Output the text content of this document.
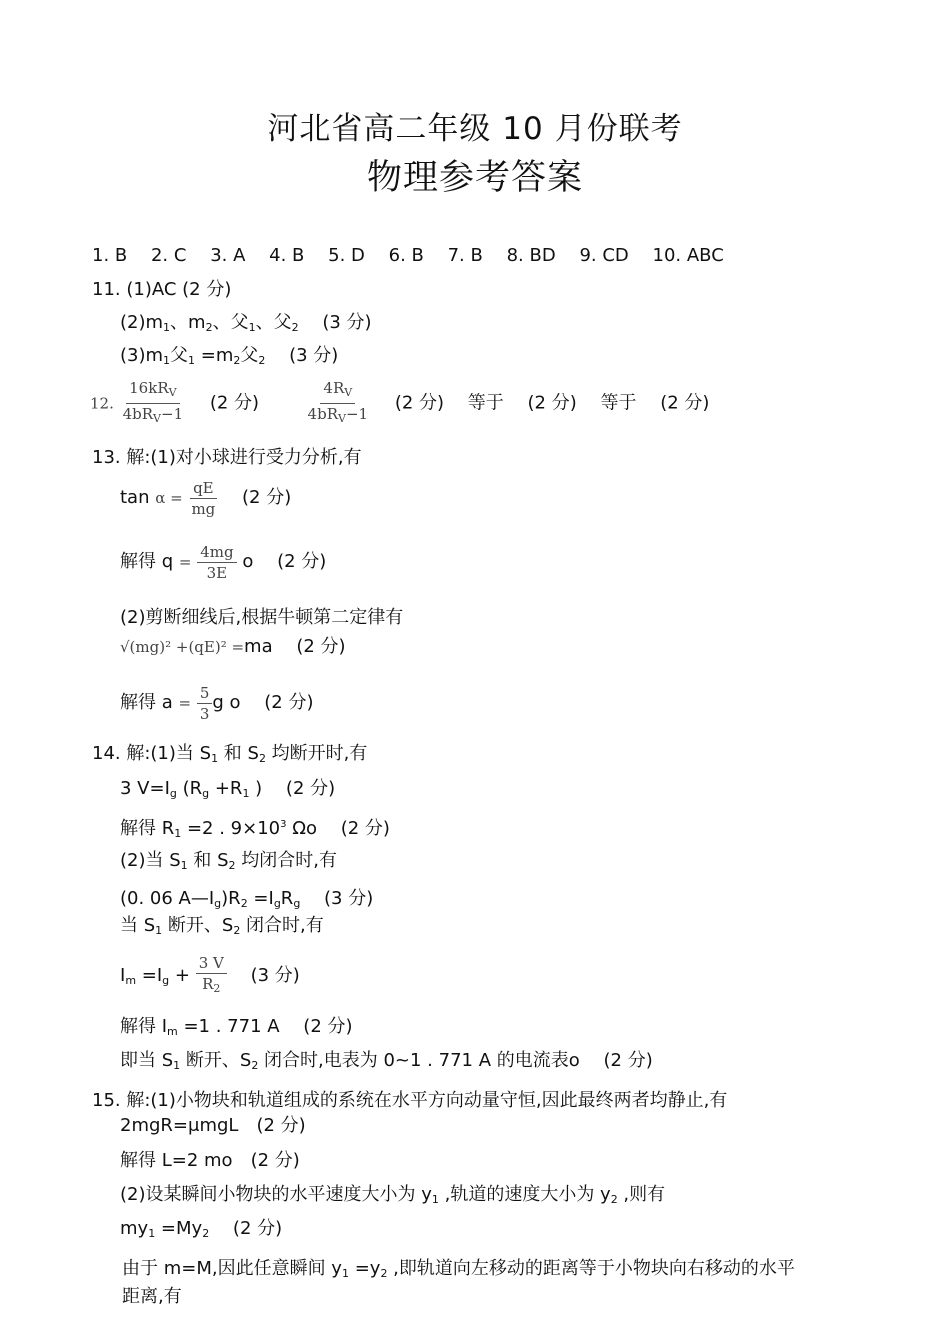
河北省高二年级 10 月份联考
物理参考答案
1. B 2. C 3. A 4. B 5. D 6. B 7. B 8. BD 9. CD 10. ABC
11. (1)AC (2 分)
$(2)m_1$、$m_2$、父$_1$、父$_2$ (3 分)
$(3)m_1$父$_1 =m_2$父$_2$ (3 分)
12. $\frac{16kR_V}{4bR_V-1} (2$ 分)	$\frac{4R_V}{4bR_V-1} (2$ 分) 等于 (2 分) 等于 (2 分)
13. 解:(1)对小球进行受力分析,有
$\tan \alpha = \frac{qE}{mg} (2$ 分)
解得 $q = \frac{4mg}{3E}$ o (2 分)
(2)剪断细线后,根据牛顿第二定律有
√(mg)² +(qE)² =ma (2 分)
解得 $a = \frac{5}{3}$ g o (2 分)
14. 解:(1)当 $S_1$ 和 $S_2$ 均断开时,有
3 $V=I_g$ ($R_g +R_1$ ) (2 分)
解得 $R_1 =2$ . $9\times 10^3$ Ωo (2 分)
(2)当 $S_1$ 和 $S_2$ 均闭合时,有
(0. 06 $A—I_g)R_2 =I_gR_g$ (3 分)
当 $S_1$ 断开、$S_2$ 闭合时,有
$I_m =I_g + \frac{3 V}{R_2} (3$ 分)
解得 $I_m =1$ . 771 A (2 分)
即当 $S_1$ 断开、$S_2$ 闭合时,电表为 0~1 . 771 A 的电流表o (2 分)
15. 解:(1)小物块和轨道组成的系统在水平方向动量守恒,因此最终两者均静止,有
2mgR=μmgL (2 分)
解得 L=2 mo (2 分)
(2)设某瞬间小物块的水平速度大小为 $y_1$ ,轨道的速度大小为 $y_2$ ,则有
$my_1 =My_2$ (2 分)
由于 m=M,因此任意瞬间 $y_1 =y_2$ ,即轨道向左移动的距离等于小物块向右移动的水平
距离,有
